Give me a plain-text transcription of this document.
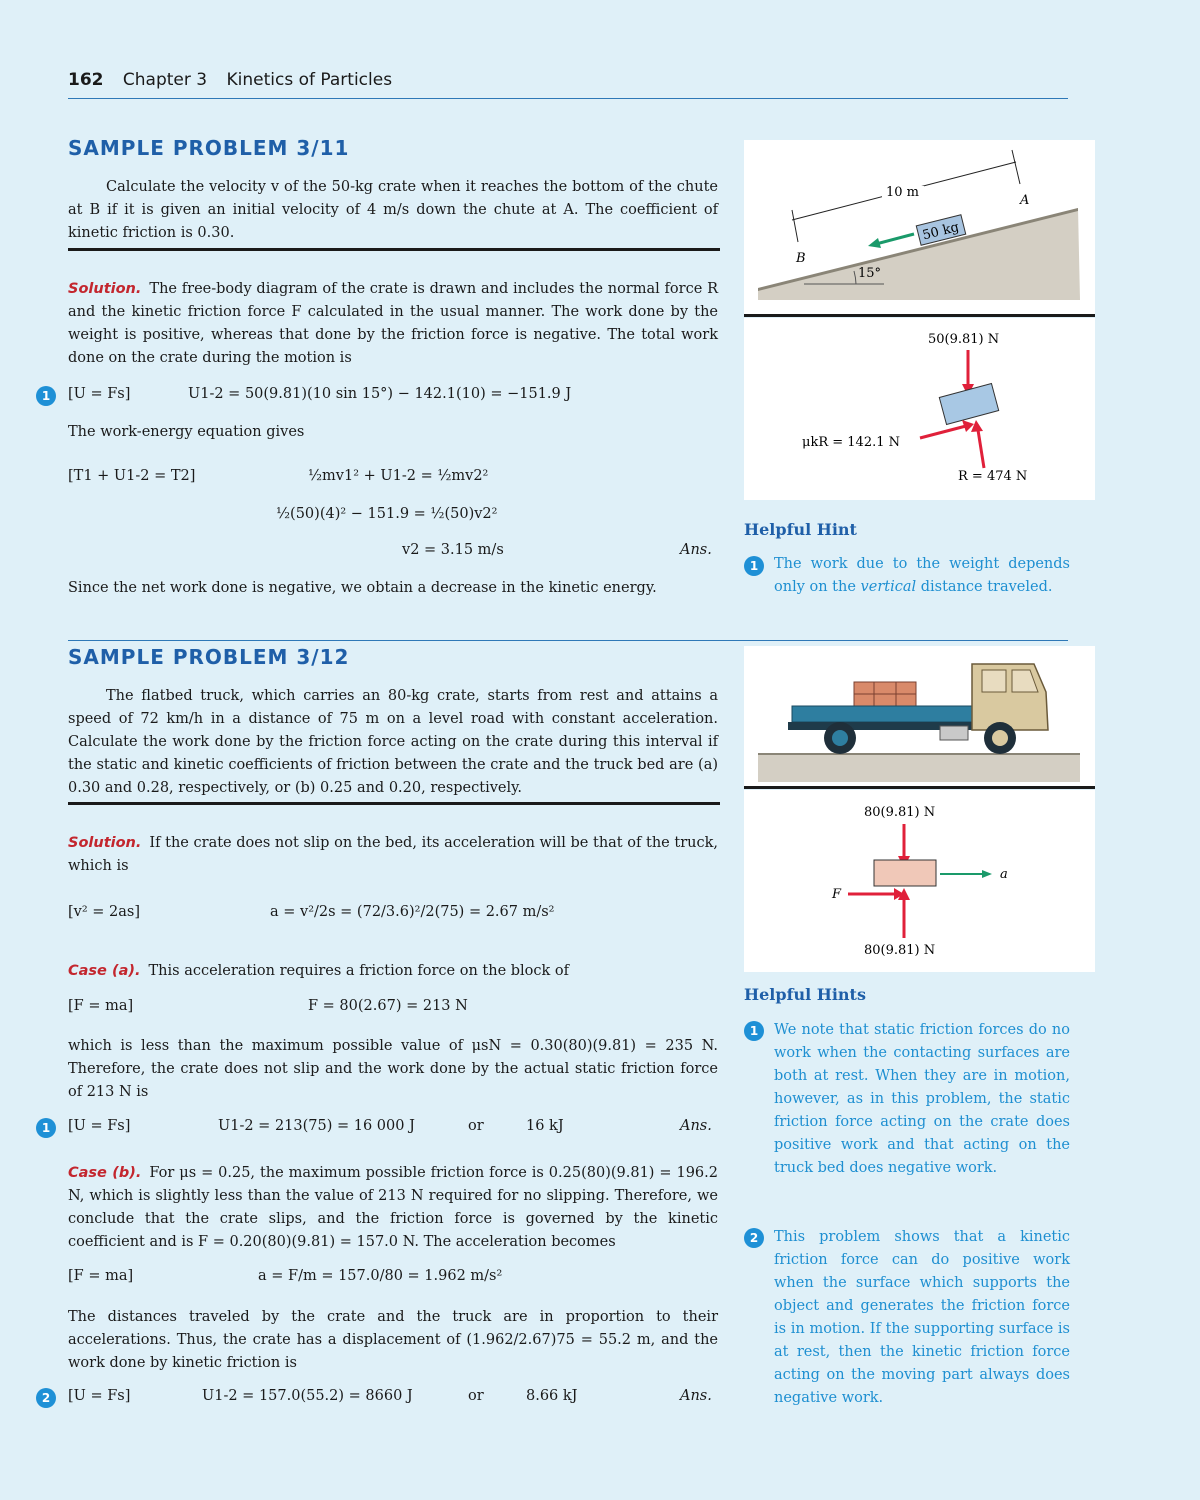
162 Chapter 3 Kinetics of Particles
SAMPLE PROBLEM 3/11
Calculate the velocity v of the 50-kg crate when it reaches the bottom of the chute at B if it is given an initial velocity of 4 m/s down the chute at A. The coefficient of kinetic friction is 0.30.
Solution. The free-body diagram of the crate is drawn and includes the normal force R and the kinetic friction force F calculated in the usual manner. The work done by the weight is positive, whereas that done by the friction force is negative. The total work done on the crate during the motion is
1	[U = Fs]	U1-2 = 50(9.81)(10 sin 15°) − 142.1(10) = −151.9 J
The work-energy equation gives
[T1 + U1-2 = T2]	½mv1² + U1-2 = ½mv2²
½(50)(4)² − 151.9 = ½(50)v2²
v2 = 3.15 m/s	Ans.
Since the net work done is negative, we obtain a decrease in the kinetic energy.
15°
10 m
A
B
50 kg
50(9.81) N
μkR = 142.1 N
R = 474 N
Helpful Hint
1	The work due to the weight depends only on the vertical distance traveled.
SAMPLE PROBLEM 3/12
The flatbed truck, which carries an 80-kg crate, starts from rest and attains a speed of 72 km/h in a distance of 75 m on a level road with constant acceleration. Calculate the work done by the friction force acting on the crate during this interval if the static and kinetic coefficients of friction between the crate and the truck bed are (a) 0.30 and 0.28, respectively, or (b) 0.25 and 0.20, respectively.
Solution. If the crate does not slip on the bed, its acceleration will be that of the truck, which is
[v² = 2as]	a = v²/2s = (72/3.6)²/2(75) = 2.67 m/s²
Case (a). This acceleration requires a friction force on the block of
[F = ma]	F = 80(2.67) = 213 N
which is less than the maximum possible value of μsN = 0.30(80)(9.81) = 235 N. Therefore, the crate does not slip and the work done by the actual static friction force of 213 N is
1	[U = Fs]	U1-2 = 213(75) = 16 000 J	or	16 kJ	Ans.
Case (b). For μs = 0.25, the maximum possible friction force is 0.25(80)(9.81) = 196.2 N, which is slightly less than the value of 213 N required for no slipping. Therefore, we conclude that the crate slips, and the friction force is governed by the kinetic coefficient and is F = 0.20(80)(9.81) = 157.0 N. The acceleration becomes
[F = ma]	a = F/m = 157.0/80 = 1.962 m/s²
The distances traveled by the crate and the truck are in proportion to their accelerations. Thus, the crate has a displacement of (1.962/2.67)75 = 55.2 m, and the work done by kinetic friction is
2	[U = Fs]	U1-2 = 157.0(55.2) = 8660 J	or	8.66 kJ	Ans.
80(9.81) N
a
F
80(9.81) N
Helpful Hints
1	We note that static friction forces do no work when the contacting surfaces are both at rest. When they are in motion, however, as in this problem, the static friction force acting on the crate does positive work and that acting on the truck bed does negative work.
2	This problem shows that a kinetic friction force can do positive work when the surface which supports the object and generates the friction force is in motion. If the supporting surface is at rest, then the kinetic friction force acting on the moving part always does negative work.
